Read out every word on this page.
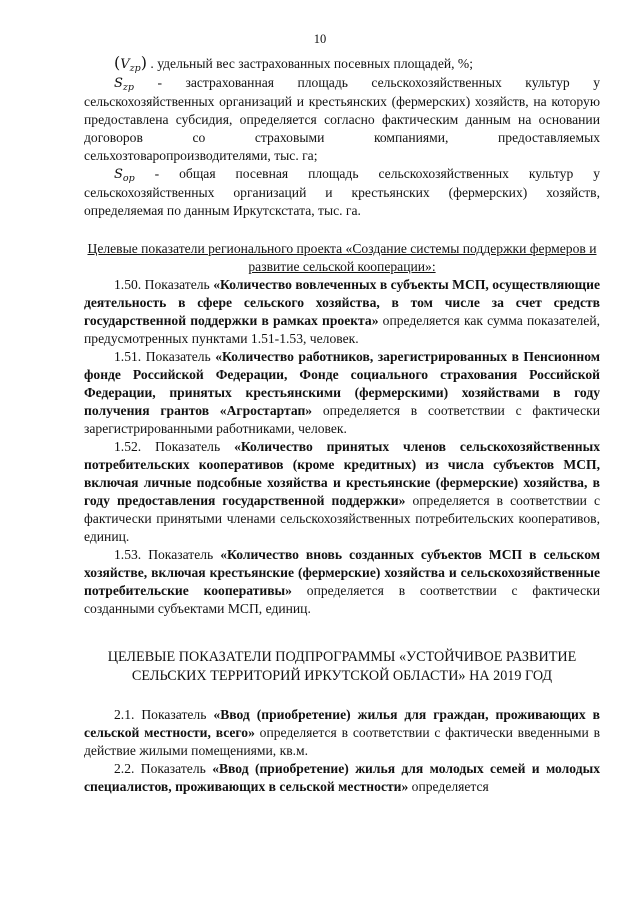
10

$(V_{zp})$ . удельный вес застрахованных посевных площадей, %;

$S_{zp}$ - застрахованная площадь сельскохозяйственных культур у сельскохозяйственных организаций и крестьянских (фермерских) хозяйств, на которую предоставлена субсидия, определяется согласно фактическим данным на основании договоров со страховыми компаниями, предоставляемых сельхозтоваропроизводителями, тыс. га;

$S_{op}$ - общая посевная площадь сельскохозяйственных культур у сельскохозяйственных организаций и крестьянских (фермерских) хозяйств, определяемая по данным Иркутскстата, тыс. га.

Целевые показатели регионального проекта «Создание системы поддержки фермеров и развитие сельской кооперации»:

1.50. Показатель «Количество вовлеченных в субъекты МСП, осуществляющие деятельность в сфере сельского хозяйства, в том числе за счет средств государственной поддержки в рамках проекта» определяется как сумма показателей, предусмотренных пунктами 1.51-1.53, человек.

1.51. Показатель «Количество работников, зарегистрированных в Пенсионном фонде Российской Федерации, Фонде социального страхования Российской Федерации, принятых крестьянскими (фермерскими) хозяйствами в году получения грантов «Агростартап» определяется в соответствии с фактически зарегистрированными работниками, человек.

1.52. Показатель «Количество принятых членов сельскохозяйственных потребительских кооперативов (кроме кредитных) из числа субъектов МСП, включая личные подсобные хозяйства и крестьянские (фермерские) хозяйства, в году предоставления государственной поддержки» определяется в соответствии с фактически принятыми членами сельскохозяйственных потребительских кооперативов, единиц.

1.53. Показатель «Количество вновь созданных субъектов МСП в сельском хозяйстве, включая крестьянские (фермерские) хозяйства и сельскохозяйственные потребительские кооперативы» определяется в соответствии с фактически созданными субъектами МСП, единиц.

ЦЕЛЕВЫЕ ПОКАЗАТЕЛИ ПОДПРОГРАММЫ «УСТОЙЧИВОЕ РАЗВИТИЕ СЕЛЬСКИХ ТЕРРИТОРИЙ ИРКУТСКОЙ ОБЛАСТИ» НА 2019 ГОД

2.1. Показатель «Ввод (приобретение) жилья для граждан, проживающих в сельской местности, всего» определяется в соответствии с фактически введенными в действие жилыми помещениями, кв.м.

2.2. Показатель «Ввод (приобретение) жилья для молодых семей и молодых специалистов, проживающих в сельской местности» определяется
